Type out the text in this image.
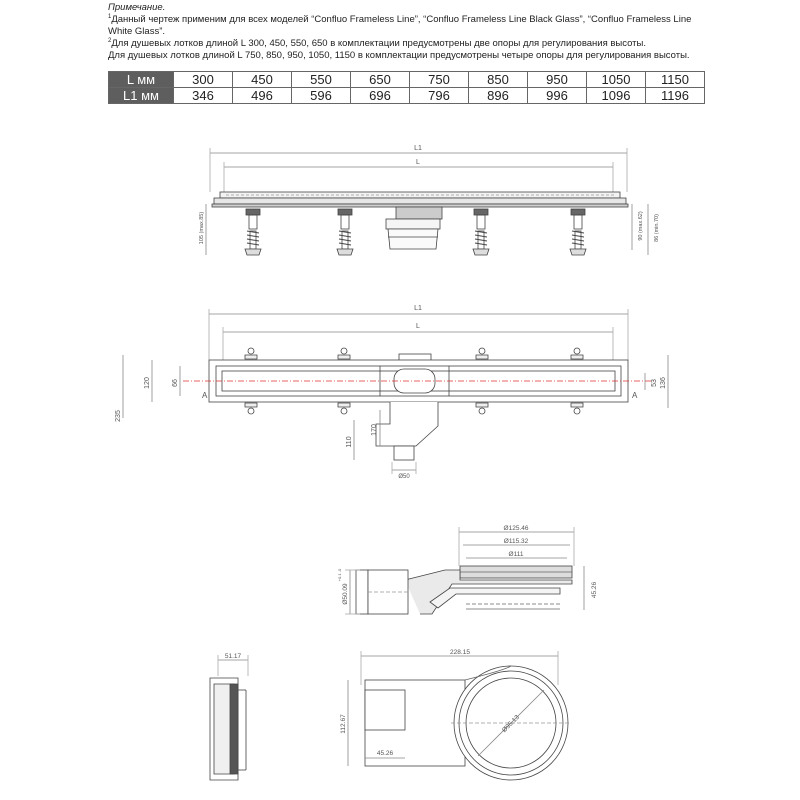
Примечание.

$^1$Данный чертеж применим для всех моделей “Confluo Frameless Line”, “Confluo Frameless Line Black Glass”, “Confluo Frameless Line White Glass”.

$^2$Для душевых лотков длиной L 300, 450, 550, 650 в комплектации предусмотрены две опоры для регулирования высоты.

Для душевых лотков длиной L 750, 850, 950, 1050, 1150 в комплектации предусмотрены четыре опоры для регулирования высоты.

L мм	300	450	550	650	750	850	950	1050	1150
L1 мм	346	496	596	696	796	896	996	1096	1196
L1
L
105 (max.85)	90 (max.62) 86 (min.70)
L1
L
235
120	66	53 136
170
110
Ø50
A	A
Ø125.46
Ø115.32
Ø111
Ø50.09
+0.1 -0
45.26
51.17
228.15
112.67
45.26
Ø95.13
